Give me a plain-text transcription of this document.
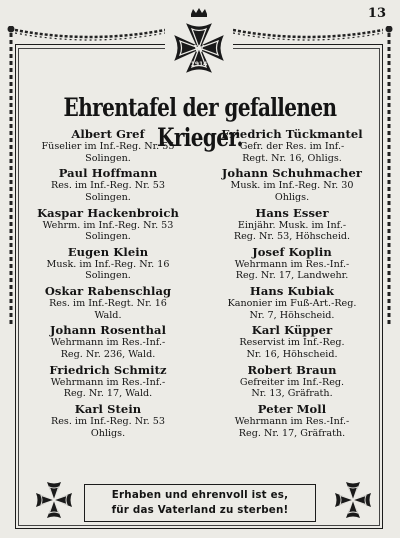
13
W
1914
Ehrentafel der gefallenen Krieger.
Albert Gref
Füselier im Inf.-Reg. Nr. 55
Solingen.
Paul Hoffmann
Res. im Inf.-Reg. Nr. 53
Solingen.
Kaspar Hackenbroich
Wehrm. im Inf.-Reg. Nr. 53
Solingen.
Eugen Klein
Musk. im Inf.-Reg. Nr. 16
Solingen.
Oskar Rabenschlag
Res. im Inf.-Regt. Nr. 16
Wald.
Johann Rosenthal
Wehrmann im Res.-Inf.-
Reg. Nr. 236, Wald.
Friedrich Schmitz
Wehrmann im Res.-Inf.-
Reg. Nr. 17, Wald.
Karl Stein
Res. im Inf.-Reg. Nr. 53
Ohligs.
Friedrich Tückmantel
Gefr. der Res. im Inf.-
Regt. Nr. 16, Ohligs.
Johann Schuhmacher
Musk. im Inf.-Reg. Nr. 30
Ohligs.
Hans Esser
Einjähr. Musk. im Inf.-
Reg. Nr. 53, Höhscheid.
Josef Koplin
Wehrmann im Res.-Inf.-
Reg. Nr. 17, Landwehr.
Hans Kubiak
Kanonier im Fuß-Art.-Reg.
Nr. 7, Höhscheid.
Karl Küpper
Reservist im Inf.-Reg.
Nr. 16, Höhscheid.
Robert Braun
Gefreiter im Inf.-Reg.
Nr. 13, Gräfrath.
Peter Moll
Wehrmann im Res.-Inf.-
Reg. Nr. 17, Gräfrath.
Erhaben und ehrenvoll ist es,
für das Vaterland zu sterben!
